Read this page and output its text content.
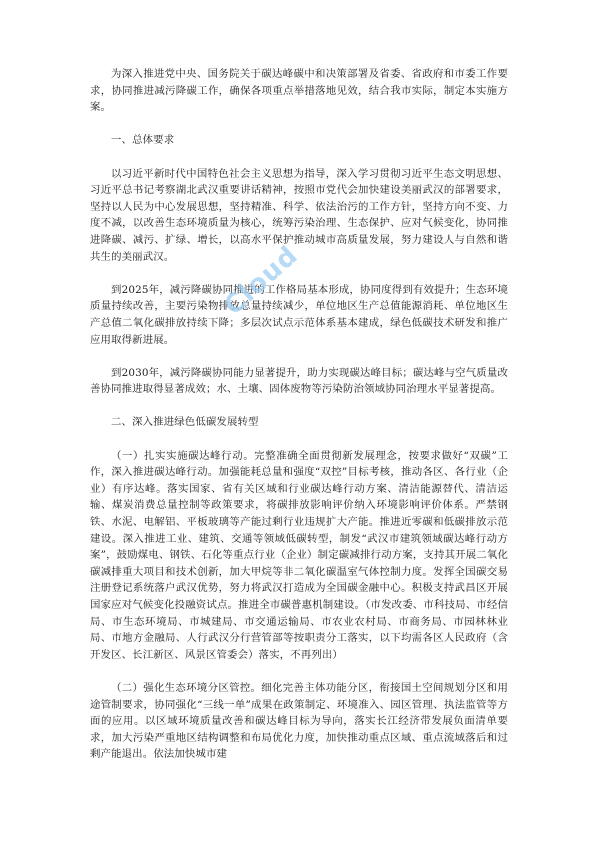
为深入推进党中央、国务院关于碳达峰碳中和决策部署及省委、省政府和市委工作要求，协同推进减污降碳工作，确保各项重点举措落地见效，结合我市实际，制定本实施方案。

一、总体要求

以习近平新时代中国特色社会主义思想为指导，深入学习贯彻习近平生态文明思想、习近平总书记考察湖北武汉重要讲话精神，按照市党代会加快建设美丽武汉的部署要求，坚持以人民为中心发展思想，坚持精准、科学、依法治污的工作方针，坚持方向不变、力度不减，以改善生态环境质量为核心，统筹污染治理、生态保护、应对气候变化，协同推进降碳、减污、扩绿、增长，以高水平保护推动城市高质量发展，努力建设人与自然和谐共生的美丽武汉。

到2025年，减污降碳协同推进的工作格局基本形成，协同度得到有效提升；生态环境质量持续改善，主要污染物排放总量持续减少，单位地区生产总值能源消耗、单位地区生产总值二氧化碳排放持续下降；多层次试点示范体系基本建成，绿色低碳技术研发和推广应用取得新进展。

到2030年，减污降碳协同能力显著提升，助力实现碳达峰目标；碳达峰与空气质量改善协同推进取得显著成效；水、土壤、固体废物等污染防治领域协同治理水平显著提高。

二、深入推进绿色低碳发展转型

（一）扎实实施碳达峰行动。完整准确全面贯彻新发展理念，按要求做好“双碳”工作，深入推进碳达峰行动。加强能耗总量和强度“双控”目标考核，推动各区、各行业（企业）有序达峰。落实国家、省有关区域和行业碳达峰行动方案、清洁能源替代、清洁运输、煤炭消费总量控制等政策要求，将碳排放影响评价纳入环境影响评价体系。严禁钢铁、水泥、电解铝、平板玻璃等产能过剩行业违规扩大产能。推进近零碳和低碳排放示范建设。深入推进工业、建筑、交通等领域低碳转型，制发“武汉市建筑领域碳达峰行动方案”，鼓励煤电、钢铁、石化等重点行业（企业）制定碳减排行动方案，支持其开展二氧化碳减排重大项目和技术创新，加大甲烷等非二氧化碳温室气体控制力度。发挥全国碳交易注册登记系统落户武汉优势，努力将武汉打造成为全国碳金融中心。积极支持武昌区开展国家应对气候变化投融资试点。推进全市碳普惠机制建设。（市发改委、市科技局、市经信局、市生态环境局、市城建局、市交通运输局、市农业农村局、市商务局、市园林林业局、市地方金融局、人行武汉分行营管部等按职责分工落实，以下均需各区人民政府（含开发区、长江新区、风景区管委会）落实，不再列出）

（二）强化生态环境分区管控。细化完善主体功能分区，衔接国土空间规划分区和用途管制要求，协同强化“三线一单”成果在政策制定、环境准入、园区管理、执法监管等方面的应用。以区域环境质量改善和碳达峰目标为导向，落实长江经济带发展负面清单要求，加大污染严重地区结构调整和布局优化力度，加快推动重点区域、重点流域落后和过剩产能退出。依法加快城市建

Cloud
